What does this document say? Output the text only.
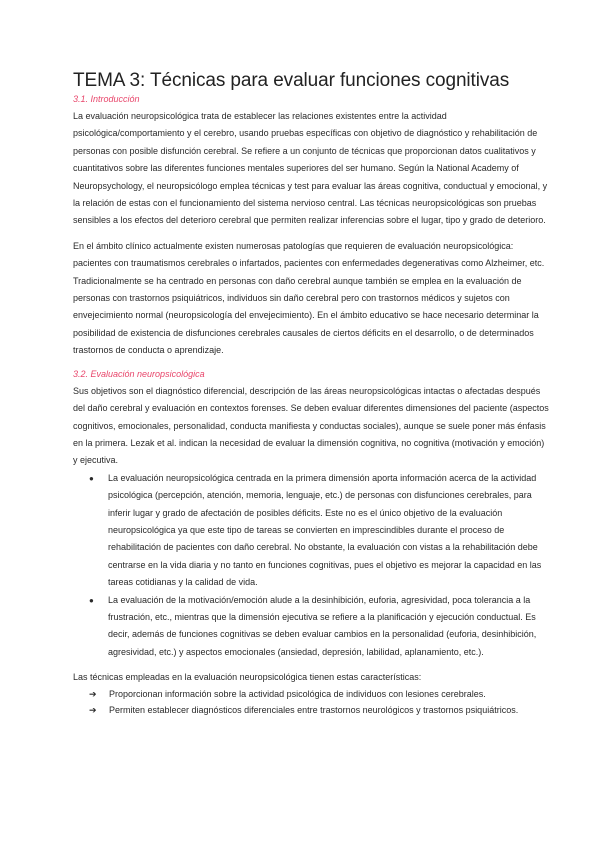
TEMA 3: Técnicas para evaluar funciones cognitivas
3.1. Introducción

La evaluación neuropsicológica trata de establecer las relaciones existentes entre la actividad psicológica/comportamiento y el cerebro, usando pruebas específicas con objetivo de diagnóstico y rehabilitación de personas con posible disfunción cerebral. Se refiere a un conjunto de técnicas que proporcionan datos cualitativos y cuantitativos sobre las diferentes funciones mentales superiores del ser humano. Según la National Academy of Neuropsychology, el neuropsicólogo emplea técnicas y test para evaluar las áreas cognitiva, conductual y emocional, y la relación de estas con el funcionamiento del sistema nervioso central. Las técnicas neuropsicológicas son pruebas sensibles a los efectos del deterioro cerebral que permiten realizar inferencias sobre el lugar, tipo y grado de deterioro.

En el ámbito clínico actualmente existen numerosas patologías que requieren de evaluación neuropsicológica: pacientes con traumatismos cerebrales o infartados, pacientes con enfermedades degenerativas como Alzheimer, etc. Tradicionalmente se ha centrado en personas con daño cerebral aunque también se emplea en la evaluación de personas con trastornos psiquiátricos, individuos sin daño cerebral pero con trastornos médicos y sujetos con envejecimiento normal (neuropsicología del envejecimiento). En el ámbito educativo se hace necesario determinar la posibilidad de existencia de disfunciones cerebrales causales de ciertos déficits en el desarrollo, o de determinados trastornos de conducta o aprendizaje.

3.2. Evaluación neuropsicológica

Sus objetivos son el diagnóstico diferencial, descripción de las áreas neuropsicológicas intactas o afectadas después del daño cerebral y evaluación en contextos forenses. Se deben evaluar diferentes dimensiones del paciente (aspectos cognitivos, emocionales, personalidad, conducta manifiesta y conductas sociales), aunque se suele poner más énfasis en la primera. Lezak et al. indican la necesidad de evaluar la dimensión cognitiva, no cognitiva (motivación y emoción) y ejecutiva.

● La evaluación neuropsicológica centrada en la primera dimensión aporta información acerca de la actividad psicológica (percepción, atención, memoria, lenguaje, etc.) de personas con disfunciones cerebrales, para inferir lugar y grado de afectación de posibles déficits. Este no es el único objetivo de la evaluación neuropsicológica ya que este tipo de tareas se convierten en imprescindibles durante el proceso de rehabilitación de pacientes con daño cerebral. No obstante, la evaluación con vistas a la rehabilitación debe centrarse en la vida diaria y no tanto en funciones cognitivas, pues el objetivo es mejorar la capacidad en las tareas cotidianas y la calidad de vida.
● La evaluación de la motivación/emoción alude a la desinhibición, euforia, agresividad, poca tolerancia a la frustración, etc., mientras que la dimensión ejecutiva se refiere a la planificación y ejecución conductual. Es decir, además de funciones cognitivas se deben evaluar cambios en la personalidad (euforia, desinhibición, agresividad, etc.) y aspectos emocionales (ansiedad, depresión, labilidad, aplanamiento, etc.).

Las técnicas empleadas en la evaluación neuropsicológica tienen estas características:

➔ Proporcionan información sobre la actividad psicológica de individuos con lesiones cerebrales.
➔ Permiten establecer diagnósticos diferenciales entre trastornos neurológicos y trastornos psiquiátricos.
